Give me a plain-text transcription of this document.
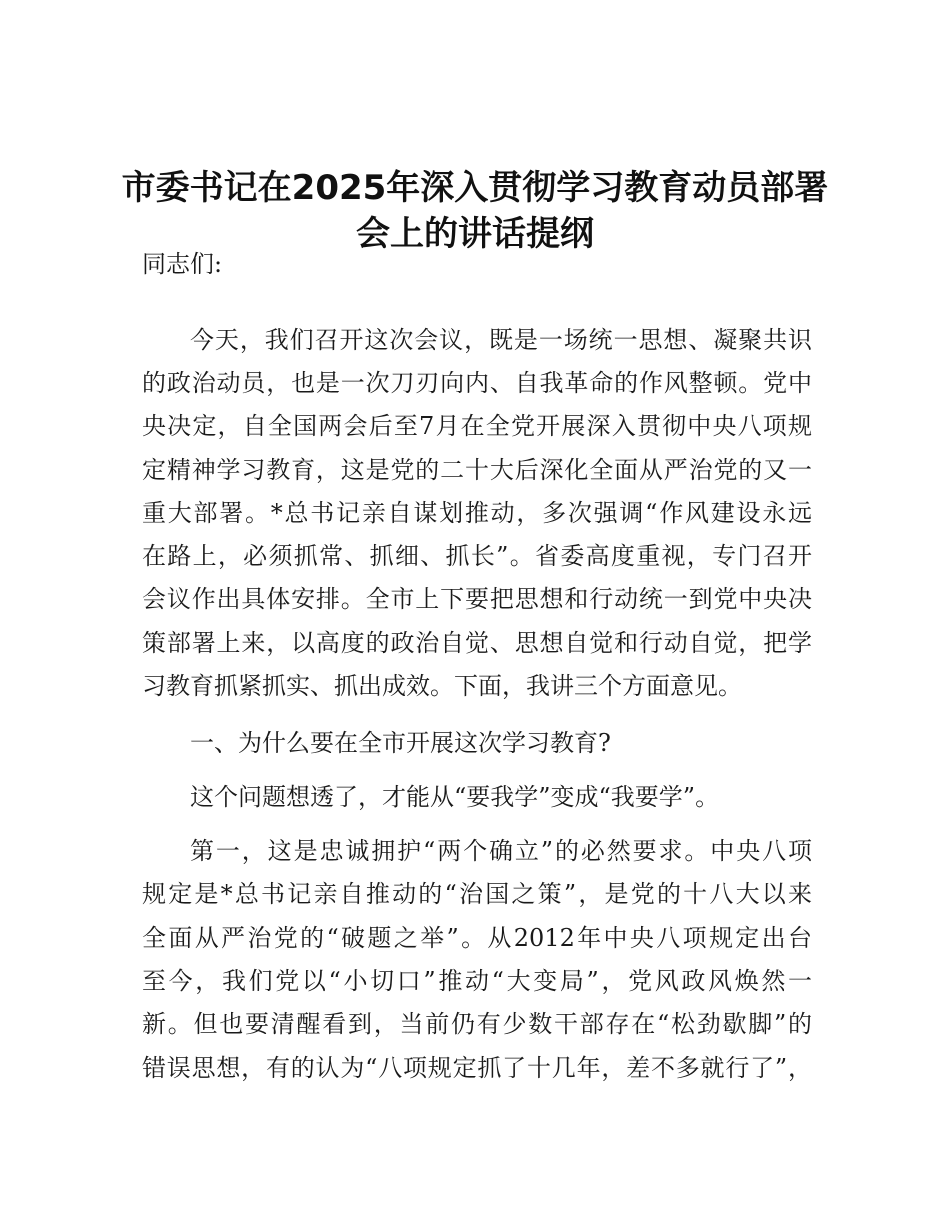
市委书记在2025年深入贯彻学习教育动员部署
会上的讲话提纲
同志们:
今天，我们召开这次会议，既是一场统一思想、凝聚共识
的政治动员，也是一次刀刃向内、自我革命的作风整顿。党中
央决定，自全国两会后至7月在全党开展深入贯彻中央八项规
定精神学习教育，这是党的二十大后深化全面从严治党的又一
重大部署。*总书记亲自谋划推动，多次强调“作风建设永远
在路上，必须抓常、抓细、抓长”。省委高度重视，专门召开
会议作出具体安排。全市上下要把思想和行动统一到党中央决
策部署上来，以高度的政治自觉、思想自觉和行动自觉，把学
习教育抓紧抓实、抓出成效。下面，我讲三个方面意见。
一、为什么要在全市开展这次学习教育?
这个问题想透了，才能从“要我学”变成“我要学”。
第一，这是忠诚拥护“两个确立”的必然要求。中央八项
规定是*总书记亲自推动的“治国之策”，是党的十八大以来
全面从严治党的“破题之举”。从2012年中央八项规定出台
至今，我们党以“小切口”推动“大变局”，党风政风焕然一
新。但也要清醒看到，当前仍有少数干部存在“松劲歇脚”的
错误思想，有的认为“八项规定抓了十几年，差不多就行了”，
